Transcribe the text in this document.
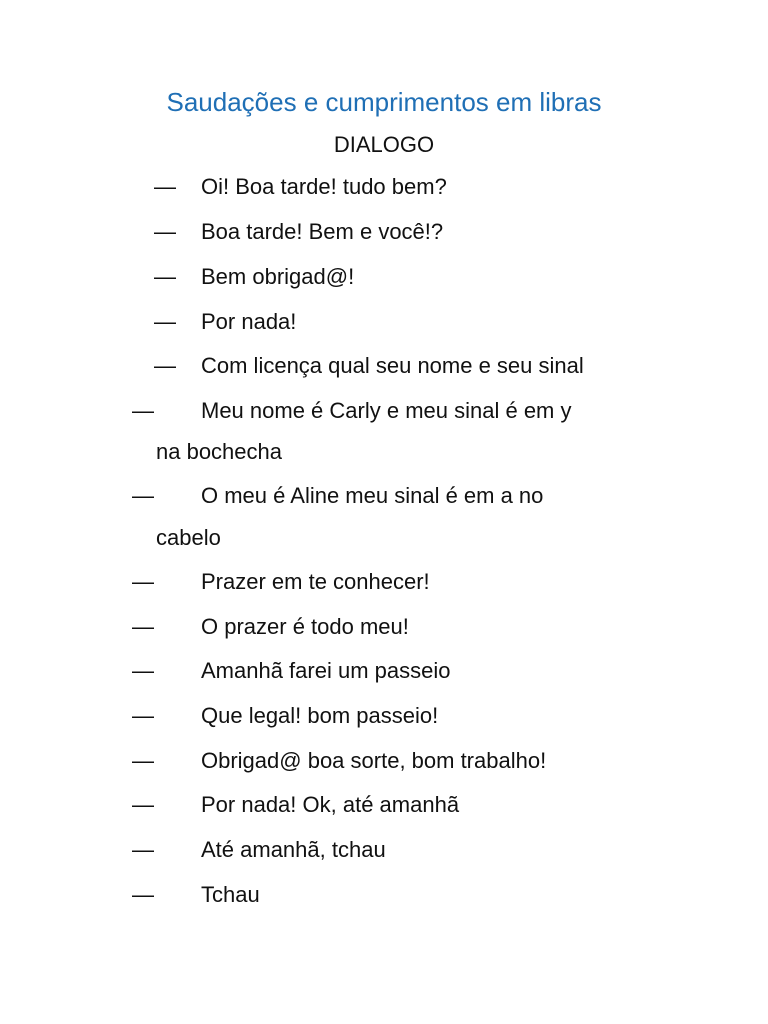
Saudações e cumprimentos em libras
DIALOGO
— Oi! Boa tarde! tudo bem?
— Boa tarde! Bem e você!?
— Bem obrigad@!
— Por nada!
— Com licença qual seu nome e seu sinal
— Meu nome é Carly e meu sinal é em y
na bochecha
— O meu é Aline meu sinal é em a no
cabelo
— Prazer em te conhecer!
— O prazer é todo meu!
— Amanhã farei um passeio
— Que legal! bom passeio!
— Obrigad@ boa sorte, bom trabalho!
— Por nada! Ok, até amanhã
— Até amanhã, tchau
— Tchau
